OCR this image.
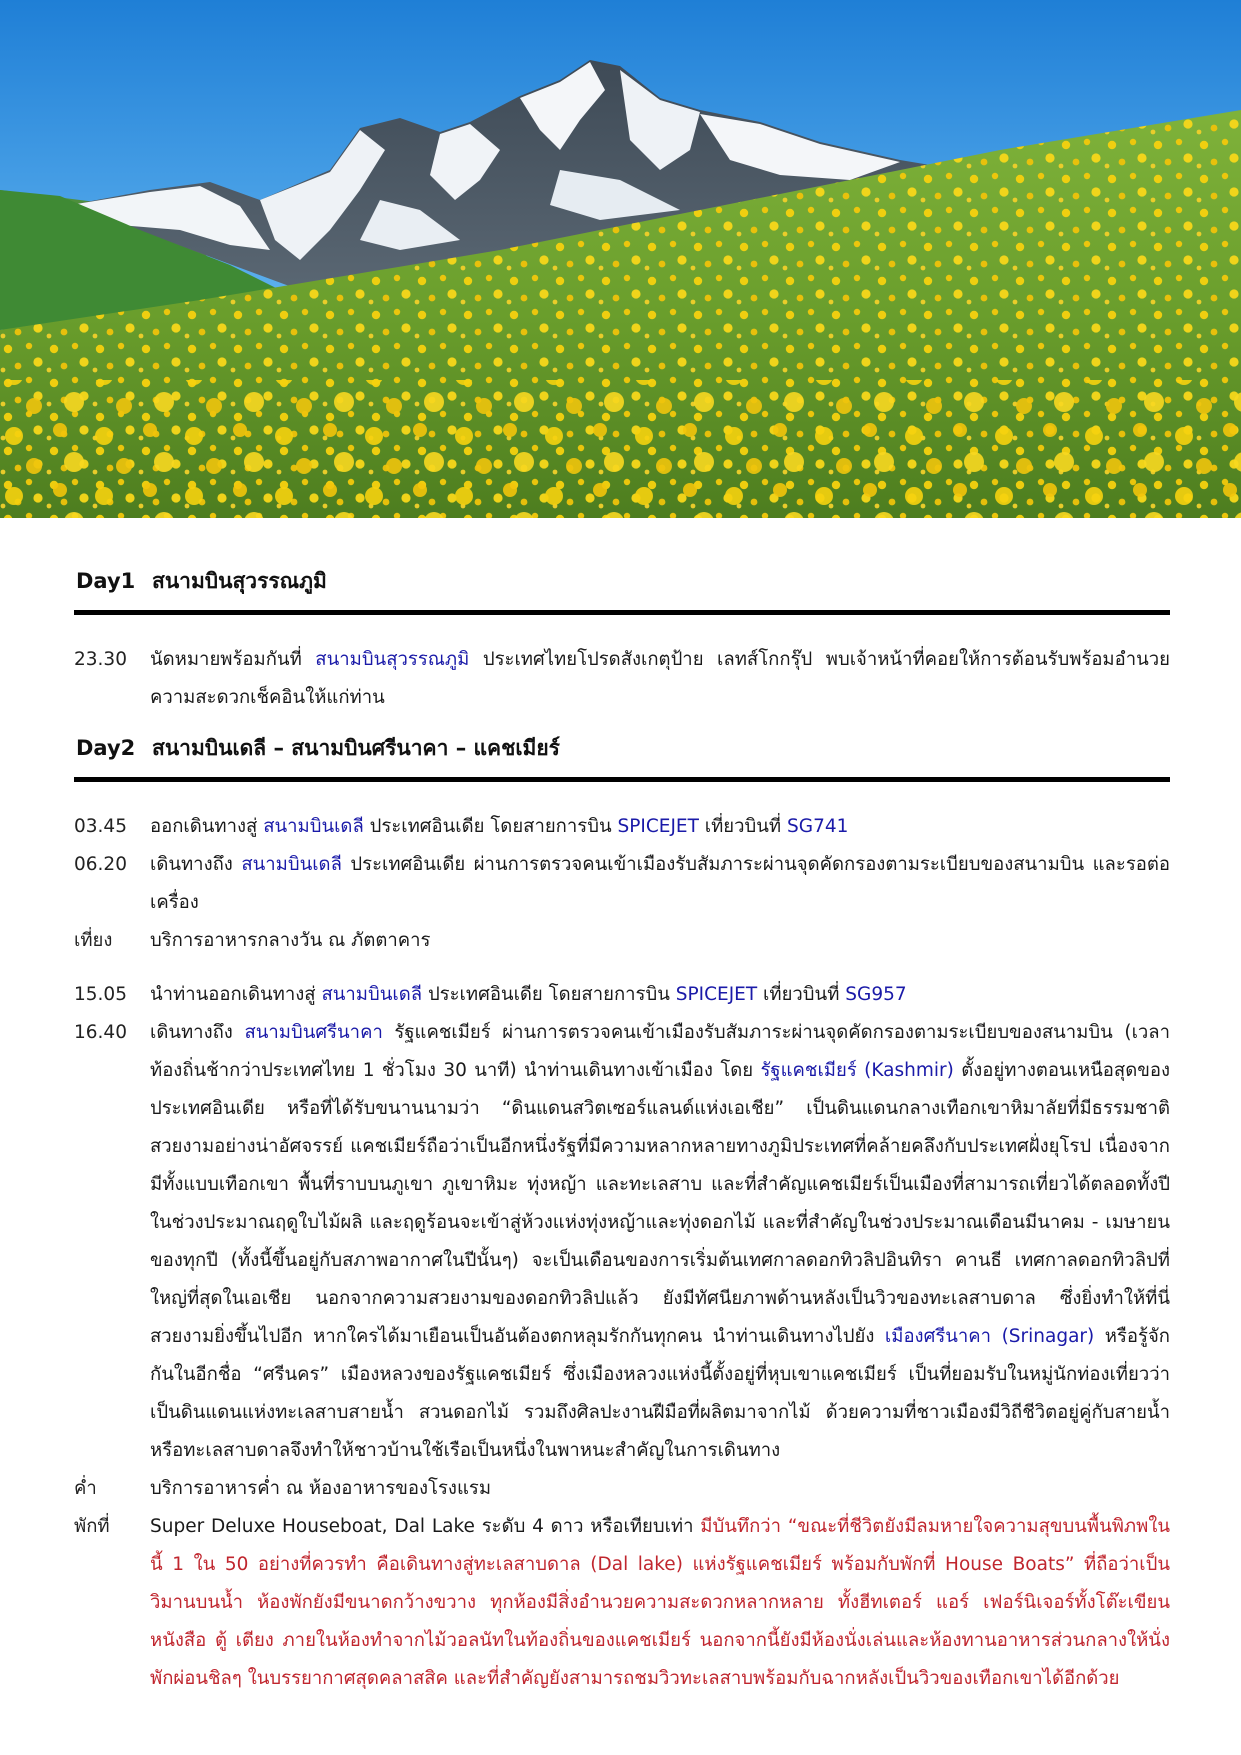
Day1 สนามบินสุวรรณภูมิ
23.30	นัดหมายพร้อมกันที่ สนามบินสุวรรณภูมิ ประเทศไทยโปรดสังเกตุป้าย เลทส์โกกรุ๊ป พบเจ้าหน้าที่คอยให้การต้อนรับพร้อมอำนวยความสะดวกเช็คอินให้แก่ท่าน
Day2 สนามบินเดลี – สนามบินศรีนาคา – แคชเมียร์
03.45	ออกเดินทางสู่ สนามบินเดลี ประเทศอินเดีย โดยสายการบิน SPICEJET เที่ยวบินที่ SG741
06.20	เดินทางถึง สนามบินเดลี ประเทศอินเดีย ผ่านการตรวจคนเข้าเมืองรับสัมภาระผ่านจุดคัดกรองตามระเบียบของสนามบิน และรอต่อเครื่อง
เที่ยง	บริการอาหารกลางวัน ณ ภัตตาคาร
15.05	นำท่านออกเดินทางสู่ สนามบินเดลี ประเทศอินเดีย โดยสายการบิน SPICEJET เที่ยวบินที่ SG957
16.40	เดินทางถึง สนามบินศรีนาคา รัฐแคชเมียร์ ผ่านการตรวจคนเข้าเมืองรับสัมภาระผ่านจุดคัดกรองตามระเบียบของสนามบิน (เวลาท้องถิ่นช้ากว่าประเทศไทย 1 ชั่วโมง 30 นาที) นำท่านเดินทางเข้าเมือง โดย รัฐแคชเมียร์ (Kashmir) ตั้งอยู่ทางตอนเหนือสุดของประเทศอินเดีย หรือที่ได้รับขนานนามว่า “ดินแดนสวิตเซอร์แลนด์แห่งเอเชีย” เป็นดินแดนกลางเทือกเขาหิมาลัยที่มีธรรมชาติสวยงามอย่างน่าอัศจรรย์ แคชเมียร์ถือว่าเป็นอีกหนึ่งรัฐที่มีความหลากหลายทางภูมิประเทศที่คล้ายคลึงกับประเทศฝั่งยุโรป เนื่องจากมีทั้งแบบเทือกเขา พื้นที่ราบบนภูเขา ภูเขาหิมะ ทุ่งหญ้า และทะเลสาบ และที่สำคัญแคชเมียร์เป็นเมืองที่สามารถเที่ยวได้ตลอดทั้งปี ในช่วงประมาณฤดูใบไม้ผลิ และฤดูร้อนจะเข้าสู่ห้วงแห่งทุ่งหญ้าและทุ่งดอกไม้ และที่สำคัญในช่วงประมาณเดือนมีนาคม - เมษายนของทุกปี (ทั้งนี้ขึ้นอยู่กับสภาพอากาศในปีนั้นๆ) จะเป็นเดือนของการเริ่มต้นเทศกาลดอกทิวลิปอินทิรา คานธี เทศกาลดอกทิวลิปที่ใหญ่ที่สุดในเอเชีย นอกจากความสวยงามของดอกทิวลิปแล้ว ยังมีทัศนียภาพด้านหลังเป็นวิวของทะเลสาบดาล ซึ่งยิ่งทำให้ที่นี่สวยงามยิ่งขึ้นไปอีก หากใครได้มาเยือนเป็นอันต้องตกหลุมรักกันทุกคน นำท่านเดินทางไปยัง เมืองศรีนาคา (Srinagar) หรือรู้จักกันในอีกชื่อ “ศรีนคร” เมืองหลวงของรัฐแคชเมียร์ ซึ่งเมืองหลวงแห่งนี้ตั้งอยู่ที่หุบเขาแคชเมียร์ เป็นที่ยอมรับในหมู่นักท่องเที่ยวว่าเป็นดินแดนแห่งทะเลสาบสายน้ำ สวนดอกไม้ รวมถึงศิลปะงานฝีมือที่ผลิตมาจากไม้ ด้วยความที่ชาวเมืองมีวิถีชีวิตอยู่คู่กับสายน้ำ หรือทะเลสาบดาลจึงทำให้ชาวบ้านใช้เรือเป็นหนึ่งในพาหนะสำคัญในการเดินทาง
ค่ำ	บริการอาหารค่ำ ณ ห้องอาหารของโรงแรม
พักที่	Super Deluxe Houseboat, Dal Lake ระดับ 4 ดาว หรือเทียบเท่า มีบันทึกว่า “ขณะที่ชีวิตยังมีลมหายใจความสุขบนพื้นพิภพในนี้ 1 ใน 50 อย่างที่ควรทำ คือเดินทางสู่ทะเลสาบดาล (Dal lake) แห่งรัฐแคชเมียร์ พร้อมกับพักที่ House Boats” ที่ถือว่าเป็นวิมานบนน้ำ ห้องพักยังมีขนาดกว้างขวาง ทุกห้องมีสิ่งอำนวยความสะดวกหลากหลาย ทั้งฮีทเตอร์ แอร์ เฟอร์นิเจอร์ทั้งโต๊ะเขียนหนังสือ ตู้ เตียง ภายในห้องทำจากไม้วอลนัทในท้องถิ่นของแคชเมียร์ นอกจากนี้ยังมีห้องนั่งเล่นและห้องทานอาหารส่วนกลางให้นั่งพักผ่อนชิลๆ ในบรรยากาศสุดคลาสสิค และที่สำคัญยังสามารถชมวิวทะเลสาบพร้อมกับฉากหลังเป็นวิวของเทือกเขาได้อีกด้วย
